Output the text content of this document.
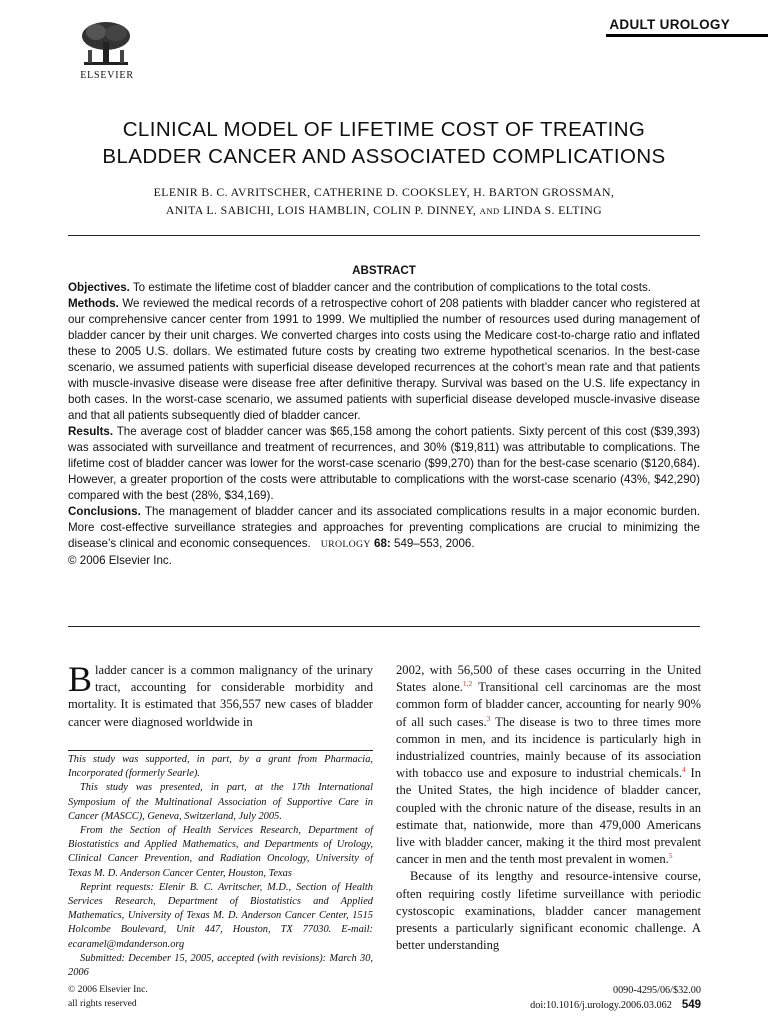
ADULT UROLOGY
ELSEVIER
CLINICAL MODEL OF LIFETIME COST OF TREATING
BLADDER CANCER AND ASSOCIATED COMPLICATIONS
ELENIR B. C. AVRITSCHER, CATHERINE D. COOKSLEY, H. BARTON GROSSMAN,
ANITA L. SABICHI, LOIS HAMBLIN, COLIN P. DINNEY, AND LINDA S. ELTING
ABSTRACT

Objectives. To estimate the lifetime cost of bladder cancer and the contribution of complications to the total costs.

Methods. We reviewed the medical records of a retrospective cohort of 208 patients with bladder cancer who registered at our comprehensive cancer center from 1991 to 1999. We multiplied the number of resources used during management of bladder cancer by their unit charges. We converted charges into costs using the Medicare cost-to-charge ratio and inflated these to 2005 U.S. dollars. We estimated future costs by creating two extreme hypothetical scenarios. In the best-case scenario, we assumed patients with superficial disease developed recurrences at the cohort’s mean rate and that patients with muscle-invasive disease were disease free after definitive therapy. Survival was based on the U.S. life expectancy in both cases. In the worst-case scenario, we assumed patients with superficial disease developed muscle-invasive disease and that all patients subsequently died of bladder cancer.

Results. The average cost of bladder cancer was $65,158 among the cohort patients. Sixty percent of this cost ($39,393) was associated with surveillance and treatment of recurrences, and 30% ($19,811) was attributable to complications. The lifetime cost of bladder cancer was lower for the worst-case scenario ($99,270) than for the best-case scenario ($120,684). However, a greater proportion of the costs were attributable to complications with the worst-case scenario (43%, $42,290) compared with the best (28%, $34,169).

Conclusions. The management of bladder cancer and its associated complications results in a major economic burden. More cost-effective surveillance strategies and approaches for preventing complications are crucial to minimizing the disease’s clinical and economic consequences. UROLOGY 68: 549–553, 2006.

© 2006 Elsevier Inc.

Bladder cancer is a common malignancy of the urinary tract, accounting for considerable morbidity and mortality. It is estimated that 356,557 new cases of bladder cancer were diagnosed worldwide in

This study was supported, in part, by a grant from Pharmacia, Incorporated (formerly Searle).

This study was presented, in part, at the 17th International Symposium of the Multinational Association of Supportive Care in Cancer (MASCC), Geneva, Switzerland, July 2005.

From the Section of Health Services Research, Department of Biostatistics and Applied Mathematics, and Departments of Urology, Clinical Cancer Prevention, and Radiation Oncology, University of Texas M. D. Anderson Cancer Center, Houston, Texas

Reprint requests: Elenir B. C. Avritscher, M.D., Section of Health Services Research, Department of Biostatistics and Applied Mathematics, University of Texas M. D. Anderson Cancer Center, 1515 Holcombe Boulevard, Unit 447, Houston, TX 77030. E-mail: ecaramel@mdanderson.org

Submitted: December 15, 2005, accepted (with revisions): March 30, 2006

2002, with 56,500 of these cases occurring in the United States alone.$^{1,2}$ Transitional cell carcinomas are the most common form of bladder cancer, accounting for nearly 90% of all such cases.$^3$ The disease is two to three times more common in men, and its incidence is particularly high in industrialized countries, mainly because of its association with tobacco use and exposure to industrial chemicals.$^4$ In the United States, the high incidence of bladder cancer, coupled with the chronic nature of the disease, results in an estimate that, nationwide, more than 479,000 Americans live with bladder cancer, making it the third most prevalent cancer in men and the tenth most prevalent in women.$^5$

Because of its lengthy and resource-intensive course, often requiring costly lifetime surveillance with periodic cystoscopic examinations, bladder cancer management presents a particularly significant economic challenge. A better understanding

© 2006 Elsevier Inc.
all rights reserved
0090-4295/06/$32.00
doi:10.1016/j.urology.2006.03.062 549
